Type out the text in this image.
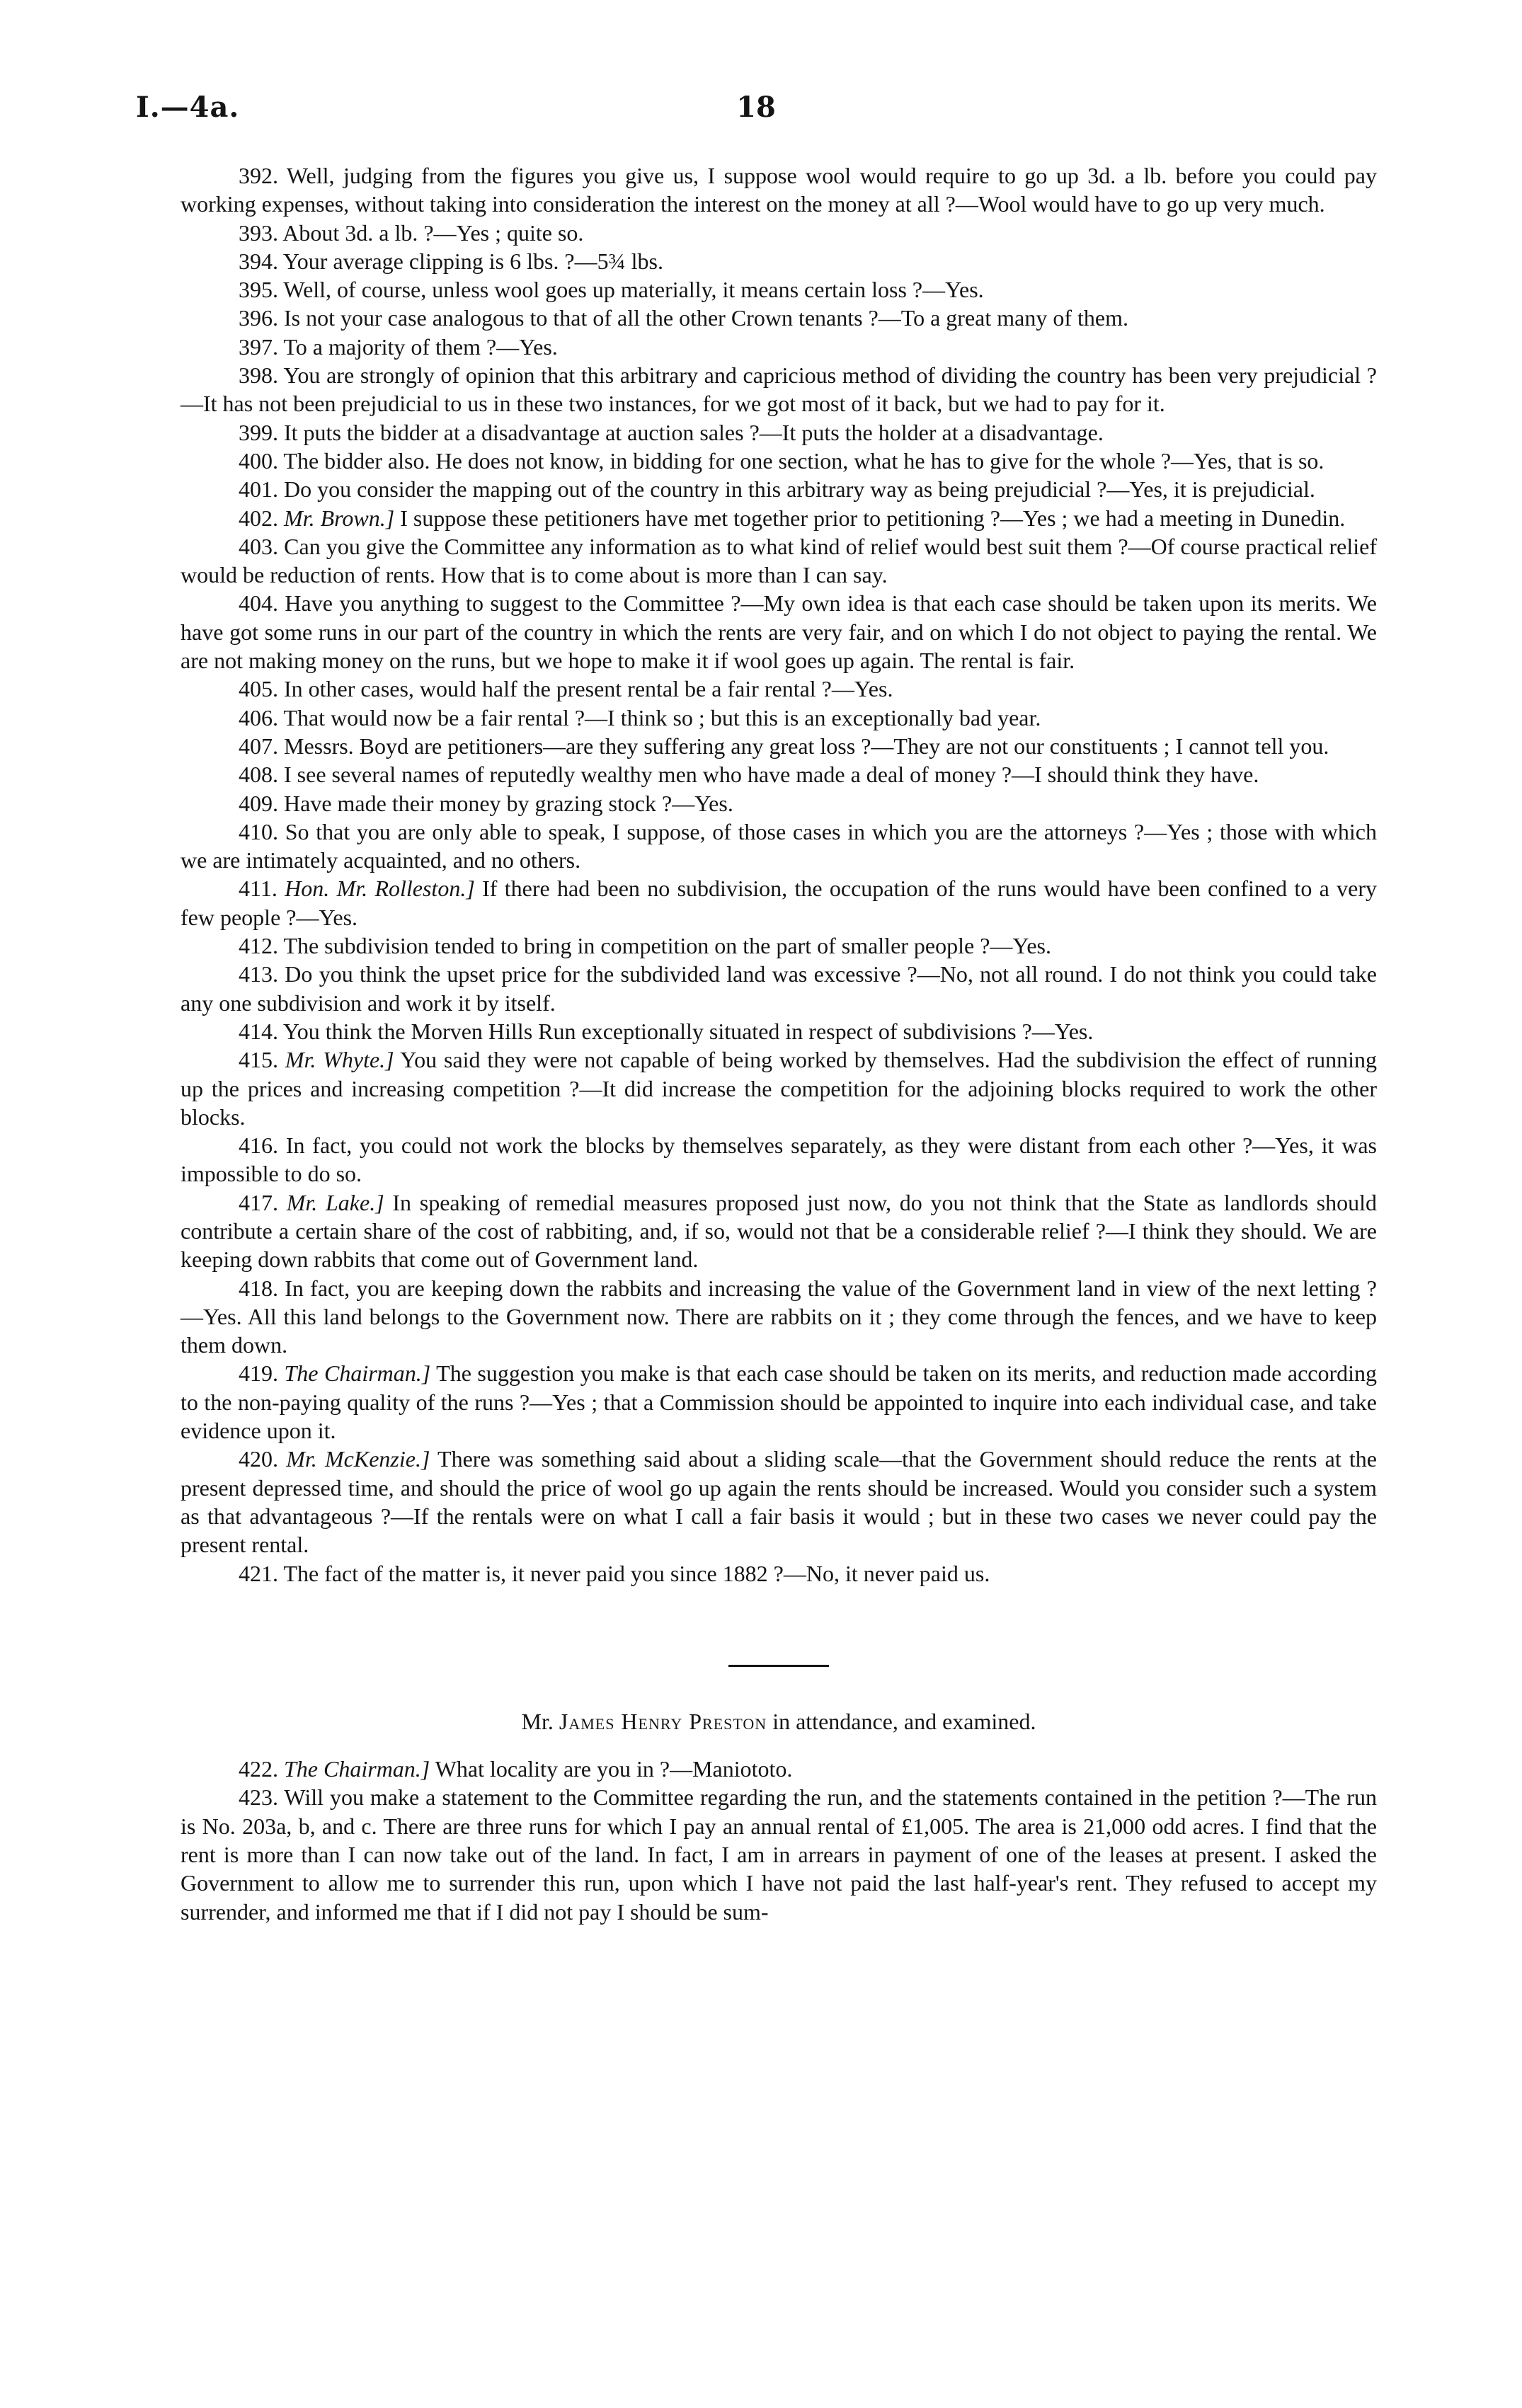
I.—4a.	18

392. Well, judging from the figures you give us, I suppose wool would require to go up 3d. a lb. before you could pay working expenses, without taking into consideration the interest on the money at all ?—Wool would have to go up very much.

393. About 3d. a lb. ?—Yes ; quite so.

394. Your average clipping is 6 lbs. ?—5¾ lbs.

395. Well, of course, unless wool goes up materially, it means certain loss ?—Yes.

396. Is not your case analogous to that of all the other Crown tenants ?—To a great many of them.

397. To a majority of them ?—Yes.

398. You are strongly of opinion that this arbitrary and capricious method of dividing the country has been very prejudicial ?—It has not been prejudicial to us in these two instances, for we got most of it back, but we had to pay for it.

399. It puts the bidder at a disadvantage at auction sales ?—It puts the holder at a disadvantage.

400. The bidder also. He does not know, in bidding for one section, what he has to give for the whole ?—Yes, that is so.

401. Do you consider the mapping out of the country in this arbitrary way as being prejudicial ?—Yes, it is prejudicial.

402. Mr. Brown.] I suppose these petitioners have met together prior to petitioning ?—Yes ; we had a meeting in Dunedin.

403. Can you give the Committee any information as to what kind of relief would best suit them ?—Of course practical relief would be reduction of rents. How that is to come about is more than I can say.

404. Have you anything to suggest to the Committee ?—My own idea is that each case should be taken upon its merits. We have got some runs in our part of the country in which the rents are very fair, and on which I do not object to paying the rental. We are not making money on the runs, but we hope to make it if wool goes up again. The rental is fair.

405. In other cases, would half the present rental be a fair rental ?—Yes.

406. That would now be a fair rental ?—I think so ; but this is an exceptionally bad year.

407. Messrs. Boyd are petitioners—are they suffering any great loss ?—They are not our constituents ; I cannot tell you.

408. I see several names of reputedly wealthy men who have made a deal of money ?—I should think they have.

409. Have made their money by grazing stock ?—Yes.

410. So that you are only able to speak, I suppose, of those cases in which you are the attorneys ?—Yes ; those with which we are intimately acquainted, and no others.

411. Hon. Mr. Rolleston.] If there had been no subdivision, the occupation of the runs would have been confined to a very few people ?—Yes.

412. The subdivision tended to bring in competition on the part of smaller people ?—Yes.

413. Do you think the upset price for the subdivided land was excessive ?—No, not all round. I do not think you could take any one subdivision and work it by itself.

414. You think the Morven Hills Run exceptionally situated in respect of subdivisions ?—Yes.

415. Mr. Whyte.] You said they were not capable of being worked by themselves. Had the subdivision the effect of running up the prices and increasing competition ?—It did increase the competition for the adjoining blocks required to work the other blocks.

416. In fact, you could not work the blocks by themselves separately, as they were distant from each other ?—Yes, it was impossible to do so.

417. Mr. Lake.] In speaking of remedial measures proposed just now, do you not think that the State as landlords should contribute a certain share of the cost of rabbiting, and, if so, would not that be a considerable relief ?—I think they should. We are keeping down rabbits that come out of Government land.

418. In fact, you are keeping down the rabbits and increasing the value of the Government land in view of the next letting ?—Yes. All this land belongs to the Government now. There are rabbits on it ; they come through the fences, and we have to keep them down.

419. The Chairman.] The suggestion you make is that each case should be taken on its merits, and reduction made according to the non-paying quality of the runs ?—Yes ; that a Commission should be appointed to inquire into each individual case, and take evidence upon it.

420. Mr. McKenzie.] There was something said about a sliding scale—that the Government should reduce the rents at the present depressed time, and should the price of wool go up again the rents should be increased. Would you consider such a system as that advantageous ?—If the rentals were on what I call a fair basis it would ; but in these two cases we never could pay the present rental.

421. The fact of the matter is, it never paid you since 1882 ?—No, it never paid us.

Mr. James Henry Preston in attendance, and examined.

422. The Chairman.] What locality are you in ?—Maniototo.

423. Will you make a statement to the Committee regarding the run, and the statements contained in the petition ?—The run is No. 203a, b, and c. There are three runs for which I pay an annual rental of £1,005. The area is 21,000 odd acres. I find that the rent is more than I can now take out of the land. In fact, I am in arrears in payment of one of the leases at present. I asked the Government to allow me to surrender this run, upon which I have not paid the last half-year's rent. They refused to accept my surrender, and informed me that if I did not pay I should be sum-
